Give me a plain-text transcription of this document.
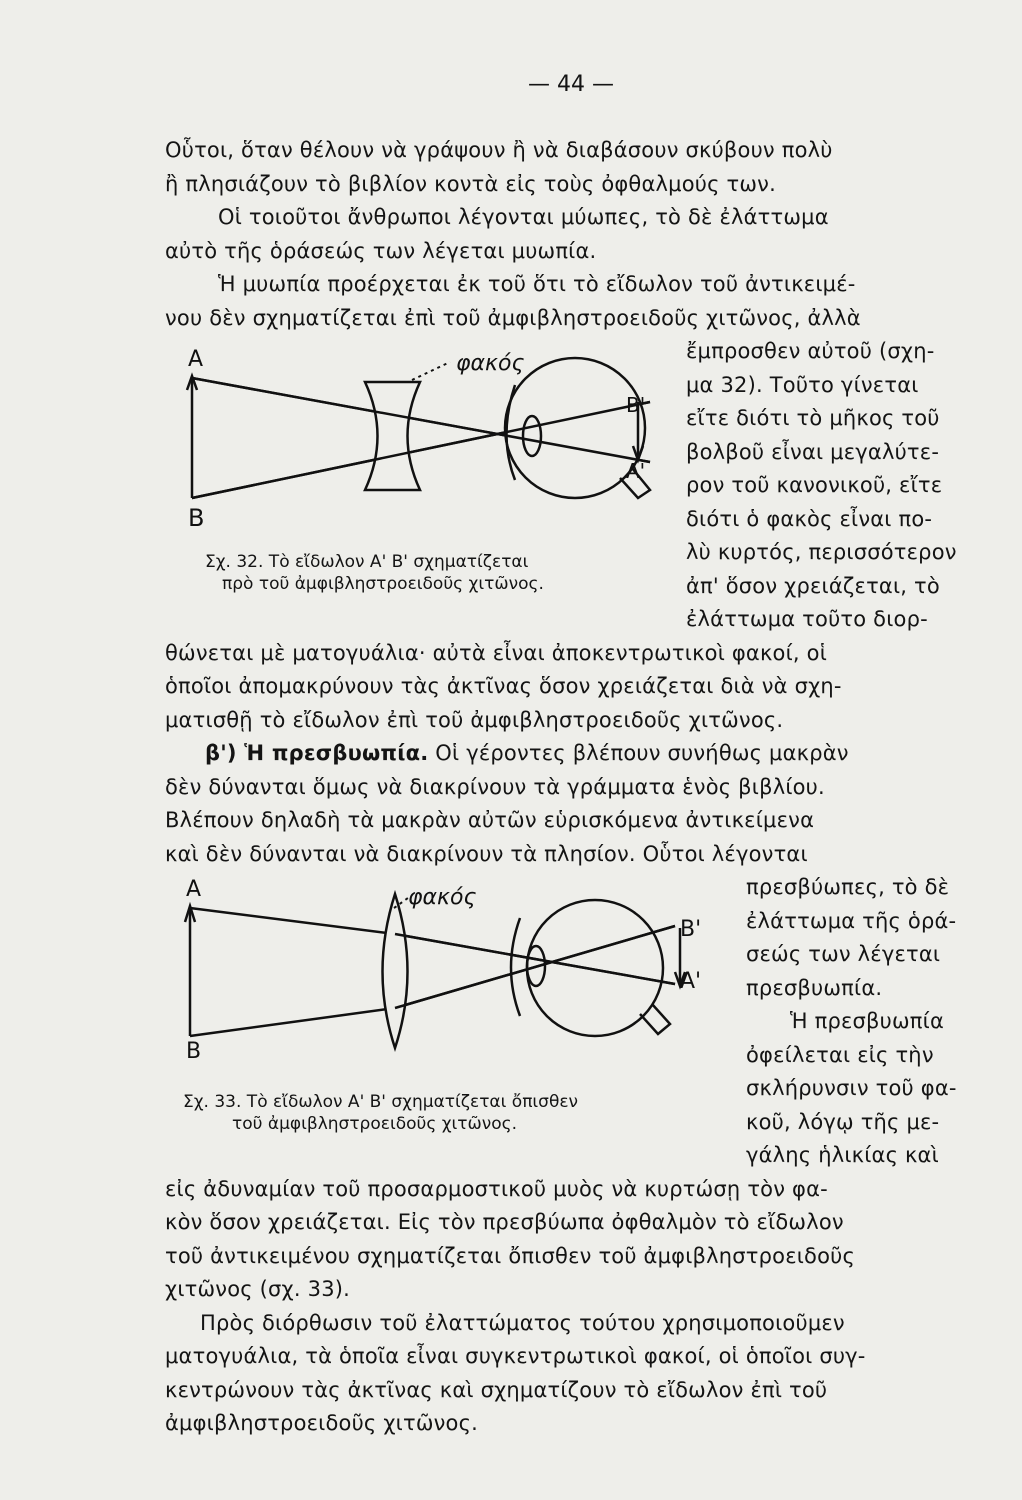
— 44 —
Οὗτοι, ὅταν θέλουν νὰ γράψουν ἢ νὰ διαβάσουν σκύβουν πολὺ
ἢ πλησιάζουν τὸ βιβλίον κοντὰ εἰς τοὺς ὀφθαλμούς των.
Οἱ τοιοῦτοι ἄνθρωποι λέγονται μύωπες, τὸ δὲ ἐλάττωμα
αὐτὸ τῆς ὁράσεώς των λέγεται μυωπία.
Ἡ μυωπία προέρχεται ἐκ τοῦ ὅτι τὸ εἴδωλον τοῦ ἀντικειμέ-
νου δὲν σχηματίζεται ἐπὶ τοῦ ἀμφιβληστροειδοῦς χιτῶνος, ἀλλὰ
ἔμπροσθεν αὐτοῦ (σχη-
μα 32). Τοῦτο γίνεται
εἴτε διότι τὸ μῆκος τοῦ
βολβοῦ εἶναι μεγαλύτε-
ρον τοῦ κανονικοῦ, εἴτε
διότι ὁ φακὸς εἶναι πο-
λὺ κυρτός, περισσότερον
ἀπ' ὅσον χρειάζεται, τὸ
ἐλάττωμα τοῦτο διορ-
A
B
B'
A'
φακός
Σχ. 32. Τὸ εἴδωλον Α' Β' σχηματίζεται
πρὸ τοῦ ἀμφιβληστροειδοῦς χιτῶνος.
θώνεται μὲ ματογυάλια· αὐτὰ εἶναι ἀποκεντρωτικοὶ φακοί, οἱ
ὁποῖοι ἀπομακρύνουν τὰς ἀκτῖνας ὅσον χρειάζεται διὰ νὰ σχη-
ματισθῇ τὸ εἴδωλον ἐπὶ τοῦ ἀμφιβληστροειδοῦς χιτῶνος.
β') Ἡ πρεσβυωπία. Οἱ γέροντες βλέπουν συνήθως μακρὰν
δὲν δύνανται ὅμως νὰ διακρίνουν τὰ γράμματα ἑνὸς βιβλίου.
Βλέπουν δηλαδὴ τὰ μακρὰν αὐτῶν εὑρισκόμενα ἀντικείμενα
καὶ δὲν δύνανται νὰ διακρίνουν τὰ πλησίον. Οὗτοι λέγονται
πρεσβύωπες, τὸ δὲ
ἐλάττωμα τῆς ὁρά-
σεώς των λέγεται
πρεσβυωπία.
Ἡ πρεσβυωπία
ὀφείλεται εἰς τὴν
σκλήρυνσιν τοῦ φα-
κοῦ, λόγῳ τῆς με-
γάλης ἡλικίας καὶ
A
B
B'
A'
φακός
Σχ. 33. Τὸ εἴδωλον Α' Β' σχηματίζεται ὄπισθεν
τοῦ ἀμφιβληστροειδοῦς χιτῶνος.
εἰς ἀδυναμίαν τοῦ προσαρμοστικοῦ μυὸς νὰ κυρτώσῃ τὸν φα-
κὸν ὅσον χρειάζεται. Εἰς τὸν πρεσβύωπα ὀφθαλμὸν τὸ εἴδωλον
τοῦ ἀντικειμένου σχηματίζεται ὄπισθεν τοῦ ἀμφιβληστροειδοῦς
χιτῶνος (σχ. 33).
Πρὸς διόρθωσιν τοῦ ἐλαττώματος τούτου χρησιμοποιοῦμεν
ματογυάλια, τὰ ὁποῖα εἶναι συγκεντρωτικοὶ φακοί, οἱ ὁποῖοι συγ-
κεντρώνουν τὰς ἀκτῖνας καὶ σχηματίζουν τὸ εἴδωλον ἐπὶ τοῦ
ἀμφιβληστροειδοῦς χιτῶνος.
